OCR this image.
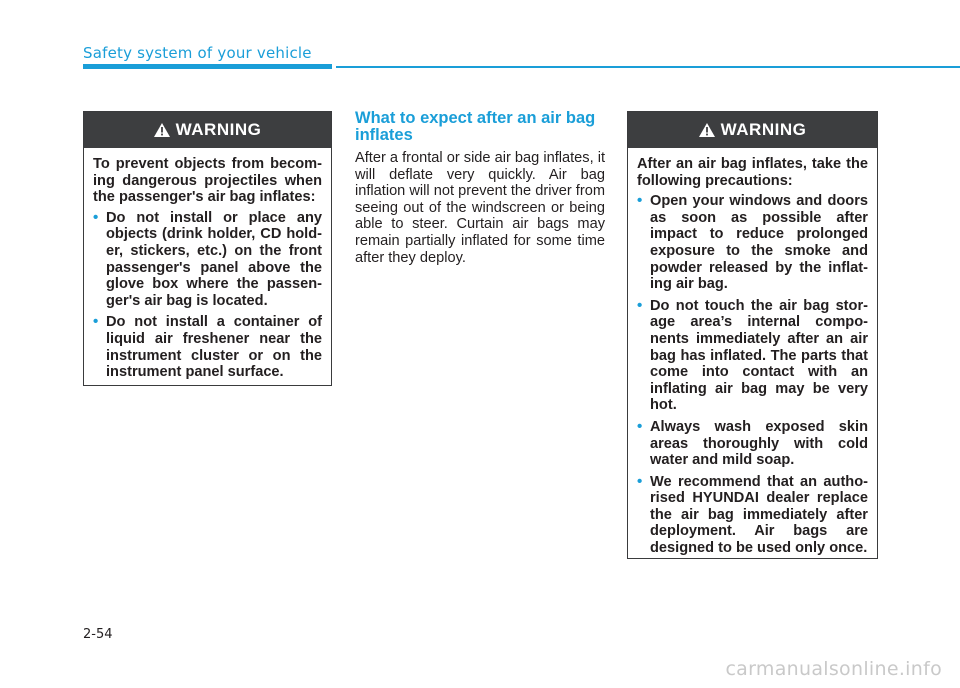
Safety system of your vehicle
WARNING

To prevent objects from becom-ing dangerous projectiles when the passenger's air bag inflates:

• Do not install or place any objects (drink holder, CD hold-er, stickers, etc.) on the front passenger's panel above the glove box where the passen-ger's air bag is located.
• Do not install a container of liquid air freshener near the instrument cluster or on the instrument panel surface.
What to expect after an air bag inflates
After a frontal or side air bag inflates, it will deflate very quickly. Air bag inflation will not prevent the driver from seeing out of the windscreen or being able to steer. Curtain air bags may remain partially inflated for some time after they deploy.
WARNING

After an air bag inflates, take the following precautions:

• Open your windows and doors as soon as possible after impact to reduce prolonged exposure to the smoke and powder released by the inflat-ing air bag.
• Do not touch the air bag stor-age area’s internal compo-nents immediately after an air bag has inflated. The parts that come into contact with an inflating air bag may be very hot.
• Always wash exposed skin areas thoroughly with cold water and mild soap.
• We recommend that an autho-rised HYUNDAI dealer replace the air bag immediately after deployment. Air bags are designed to be used only once.
2-54
carmanualsonline.info
